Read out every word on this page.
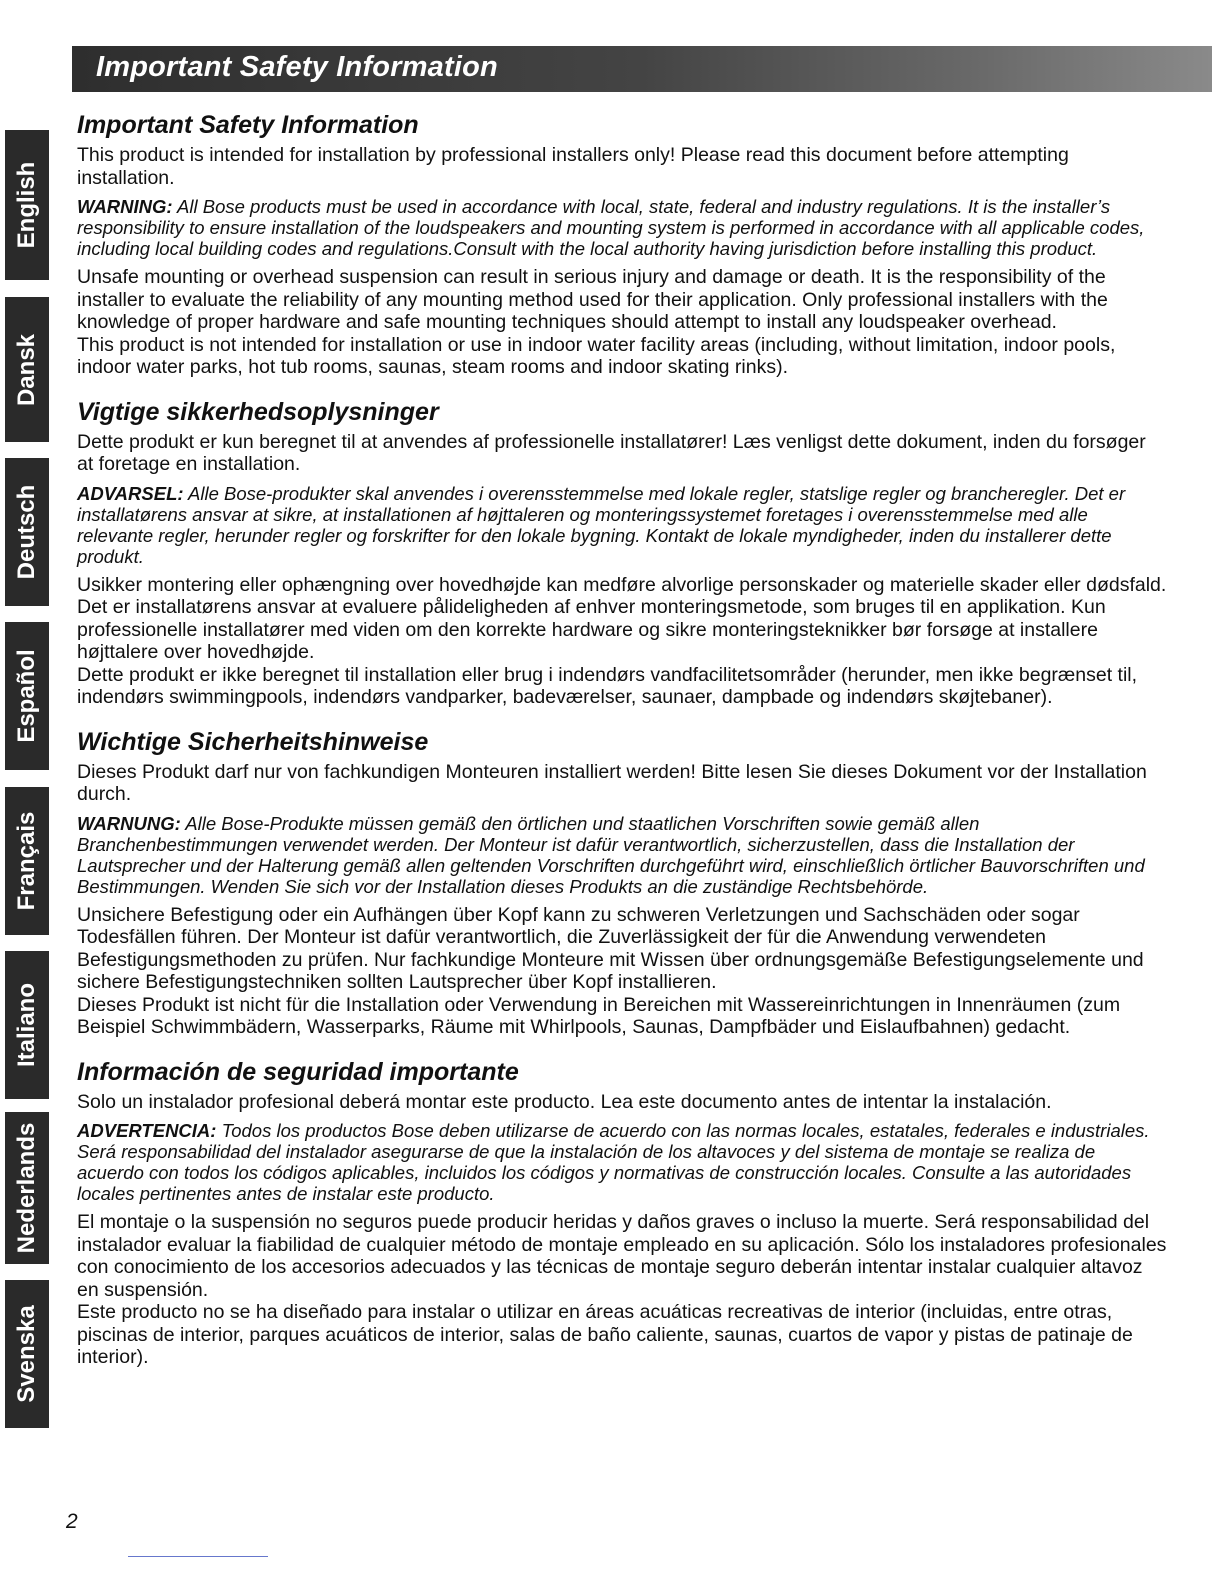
Important Safety Information
English
Dansk
Deutsch
Español
Français
Italiano
Nederlands
Svenska
Important Safety Information

This product is intended for installation by professional installers only! Please read this document before attempting installation.

WARNING: All Bose products must be used in accordance with local, state, federal and industry regulations. It is the installer’s responsibility to ensure installation of the loudspeakers and mounting system is performed in accordance with all applicable codes, including local building codes and regulations.Consult with the local authority having jurisdiction before installing this product.

Unsafe mounting or overhead suspension can result in serious injury and damage or death. It is the responsibility of the installer to evaluate the reliability of any mounting method used for their application. Only professional installers with the knowledge of proper hardware and safe mounting techniques should attempt to install any loudspeaker overhead.

This product is not intended for installation or use in indoor water facility areas (including, without limitation, indoor pools, indoor water parks, hot tub rooms, saunas, steam rooms and indoor skating rinks).

Vigtige sikkerhedsoplysninger

Dette produkt er kun beregnet til at anvendes af professionelle installatører! Læs venligst dette dokument, inden du forsøger at foretage en installation.

ADVARSEL: Alle Bose-produkter skal anvendes i overensstemmelse med lokale regler, statslige regler og brancheregler. Det er installatørens ansvar at sikre, at installationen af højttaleren og monteringssystemet foretages i overensstemmelse med alle relevante regler, herunder regler og forskrifter for den lokale bygning. Kontakt de lokale myndigheder, inden du installerer dette produkt.

Usikker montering eller ophængning over hovedhøjde kan medføre alvorlige personskader og materielle skader eller dødsfald. Det er installatørens ansvar at evaluere pålideligheden af enhver monteringsmetode, som bruges til en applikation. Kun professionelle installatører med viden om den korrekte hardware og sikre monteringsteknikker bør forsøge at installere højttalere over hovedhøjde.

Dette produkt er ikke beregnet til installation eller brug i indendørs vandfacilitetsområder (herunder, men ikke begrænset til, indendørs swimmingpools, indendørs vandparker, badeværelser, saunaer, dampbade og indendørs skøjtebaner).

Wichtige Sicherheitshinweise

Dieses Produkt darf nur von fachkundigen Monteuren installiert werden! Bitte lesen Sie dieses Dokument vor der Installation durch.

WARNUNG: Alle Bose-Produkte müssen gemäß den örtlichen und staatlichen Vorschriften sowie gemäß allen Branchenbestimmungen verwendet werden. Der Monteur ist dafür verantwortlich, sicherzustellen, dass die Installation der Lautsprecher und der Halterung gemäß allen geltenden Vorschriften durchgeführt wird, einschließlich örtlicher Bauvorschriften und Bestimmungen. Wenden Sie sich vor der Installation dieses Produkts an die zuständige Rechtsbehörde.

Unsichere Befestigung oder ein Aufhängen über Kopf kann zu schweren Verletzungen und Sachschäden oder sogar Todesfällen führen. Der Monteur ist dafür verantwortlich, die Zuverlässigkeit der für die Anwendung verwendeten Befestigungsmethoden zu prüfen. Nur fachkundige Monteure mit Wissen über ordnungsgemäße Befestigungselemente und sichere Befestigungstechniken sollten Lautsprecher über Kopf installieren.

Dieses Produkt ist nicht für die Installation oder Verwendung in Bereichen mit Wassereinrichtungen in Innenräumen (zum Beispiel Schwimmbädern, Wasserparks, Räume mit Whirlpools, Saunas, Dampfbäder und Eislaufbahnen) gedacht.

Información de seguridad importante

Solo un instalador profesional deberá montar este producto. Lea este documento antes de intentar la instalación.

ADVERTENCIA: Todos los productos Bose deben utilizarse de acuerdo con las normas locales, estatales, federales e industriales. Será responsabilidad del instalador asegurarse de que la instalación de los altavoces y del sistema de montaje se realiza de acuerdo con todos los códigos aplicables, incluidos los códigos y normativas de construcción locales. Consulte a las autoridades locales pertinentes antes de instalar este producto.

El montaje o la suspensión no seguros puede producir heridas y daños graves o incluso la muerte. Será responsabilidad del instalador evaluar la fiabilidad de cualquier método de montaje empleado en su aplicación. Sólo los instaladores profesionales con conocimiento de los accesorios adecuados y las técnicas de montaje seguro deberán intentar instalar cualquier altavoz en suspensión.

Este producto no se ha diseñado para instalar o utilizar en áreas acuáticas recreativas de interior (incluidas, entre otras, piscinas de interior, parques acuáticos de interior, salas de baño caliente, saunas, cuartos de vapor y pistas de patinaje de interior).

2
